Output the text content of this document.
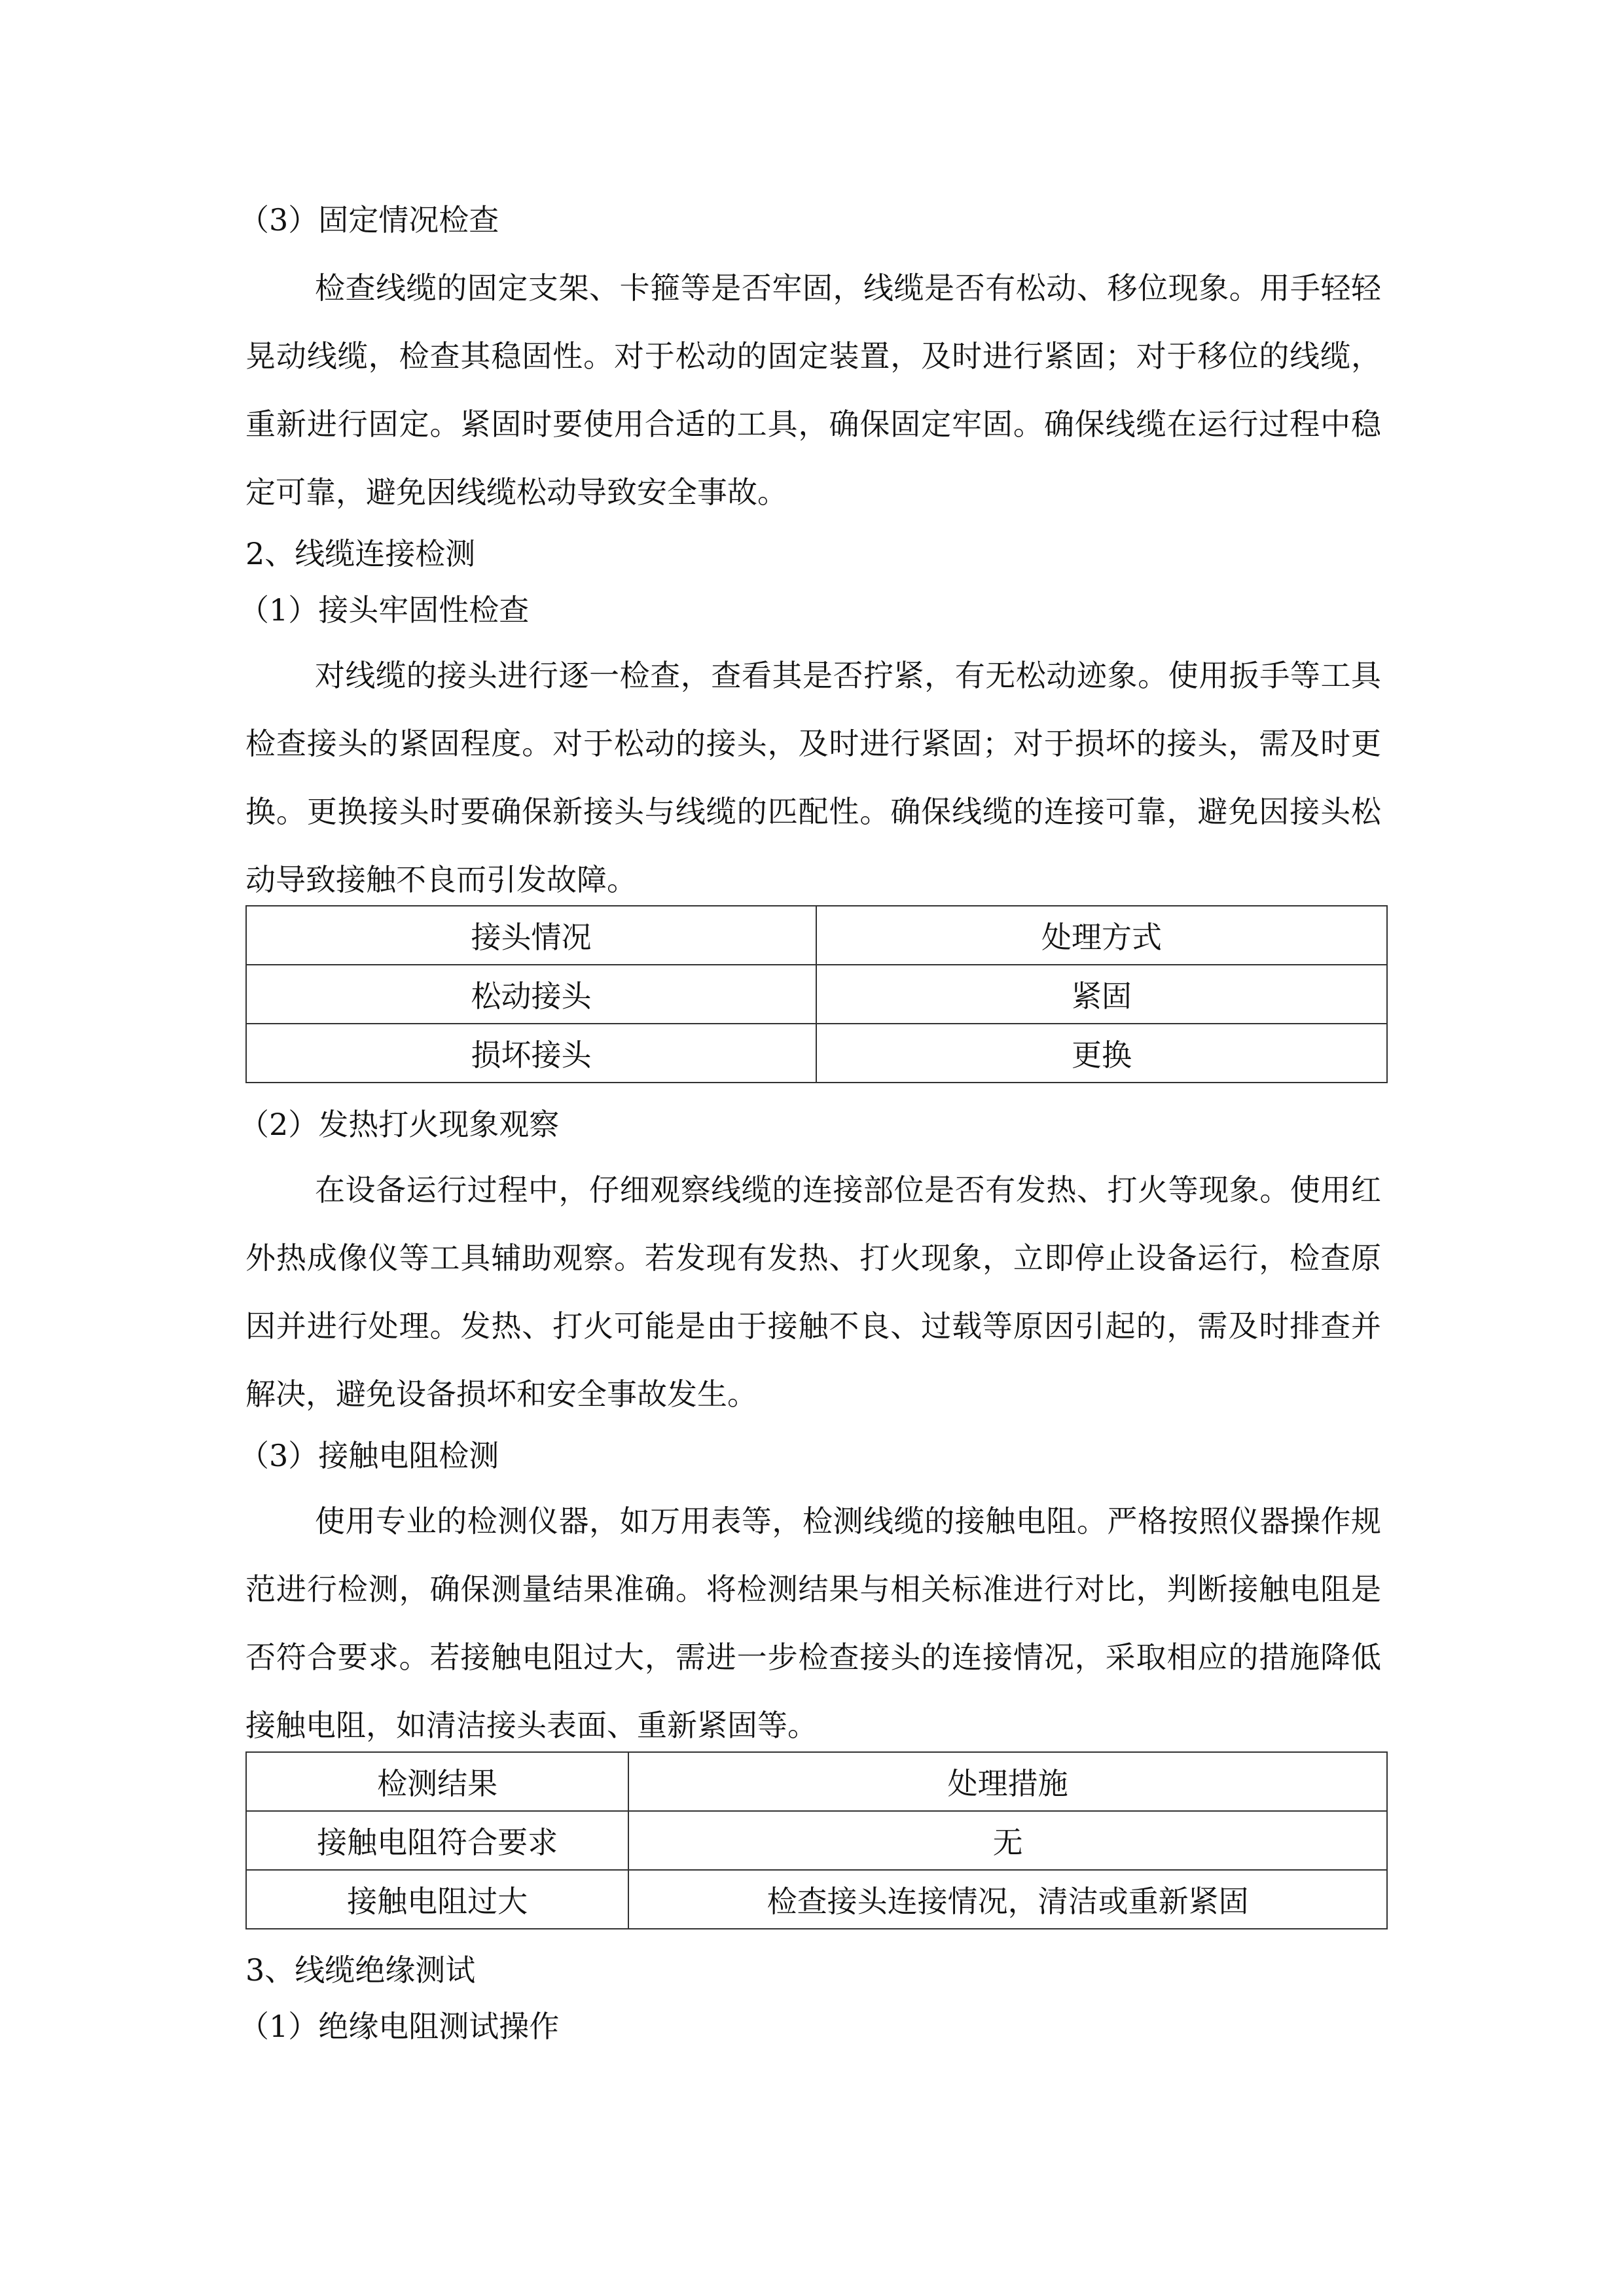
（3）固定情况检查

检查线缆的固定支架、卡箍等是否牢固，线缆是否有松动、移位现象。用手轻轻晃动线缆，检查其稳固性。对于松动的固定装置，及时进行紧固；对于移位的线缆，重新进行固定。紧固时要使用合适的工具，确保固定牢固。确保线缆在运行过程中稳定可靠，避免因线缆松动导致安全事故。

2、线缆连接检测
（1）接头牢固性检查

对线缆的接头进行逐一检查，查看其是否拧紧，有无松动迹象。使用扳手等工具检查接头的紧固程度。对于松动的接头，及时进行紧固；对于损坏的接头，需及时更换。更换接头时要确保新接头与线缆的匹配性。确保线缆的连接可靠，避免因接头松动导致接触不良而引发故障。

接头情况	处理方式
松动接头	紧固
损坏接头	更换
（2）发热打火现象观察

在设备运行过程中，仔细观察线缆的连接部位是否有发热、打火等现象。使用红外热成像仪等工具辅助观察。若发现有发热、打火现象，立即停止设备运行，检查原因并进行处理。发热、打火可能是由于接触不良、过载等原因引起的，需及时排查并解决，避免设备损坏和安全事故发生。

（3）接触电阻检测

使用专业的检测仪器，如万用表等，检测线缆的接触电阻。严格按照仪器操作规范进行检测，确保测量结果准确。将检测结果与相关标准进行对比，判断接触电阻是否符合要求。若接触电阻过大，需进一步检查接头的连接情况，采取相应的措施降低接触电阻，如清洁接头表面、重新紧固等。

检测结果	处理措施
接触电阻符合要求	无
接触电阻过大	检查接头连接情况，清洁或重新紧固
3、线缆绝缘测试
（1）绝缘电阻测试操作
